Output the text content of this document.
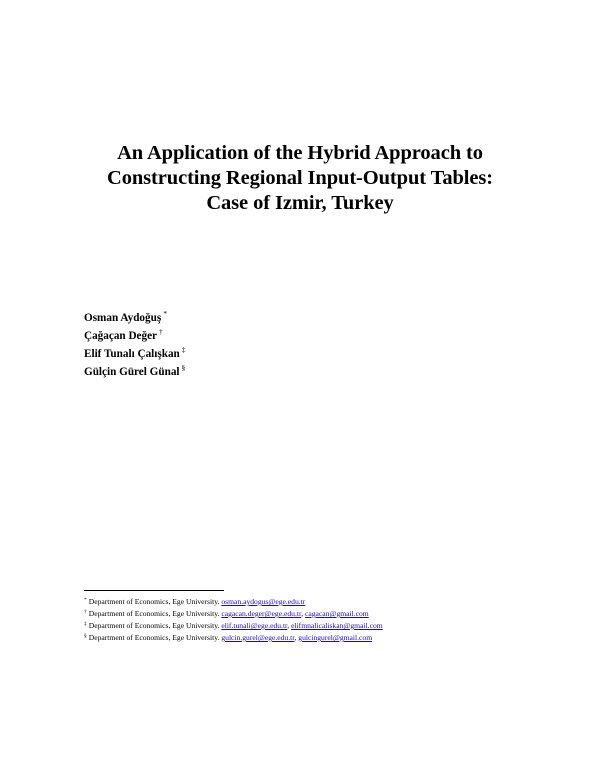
An Application of the Hybrid Approach to
Constructing Regional Input-Output Tables:
Case of Izmir, Turkey
Osman Aydoğuş *
Çağaçan Değer †
Elif Tunalı Çalışkan ‡
Gülçin Gürel Günal §
* Department of Economics, Ege University. osman.aydogus@ege.edu.tr
† Department of Economics, Ege University. cagacan.deger@ege.edu.tr, cagacan@gmail.com
‡ Department of Economics, Ege University. elif.tunali@ege.edu.tr, elifmnalicaliskan@gmail.com
§ Department of Economics, Ege University. gulcin.gurel@ege.edu.tr, gulcingurel@gmail.com
